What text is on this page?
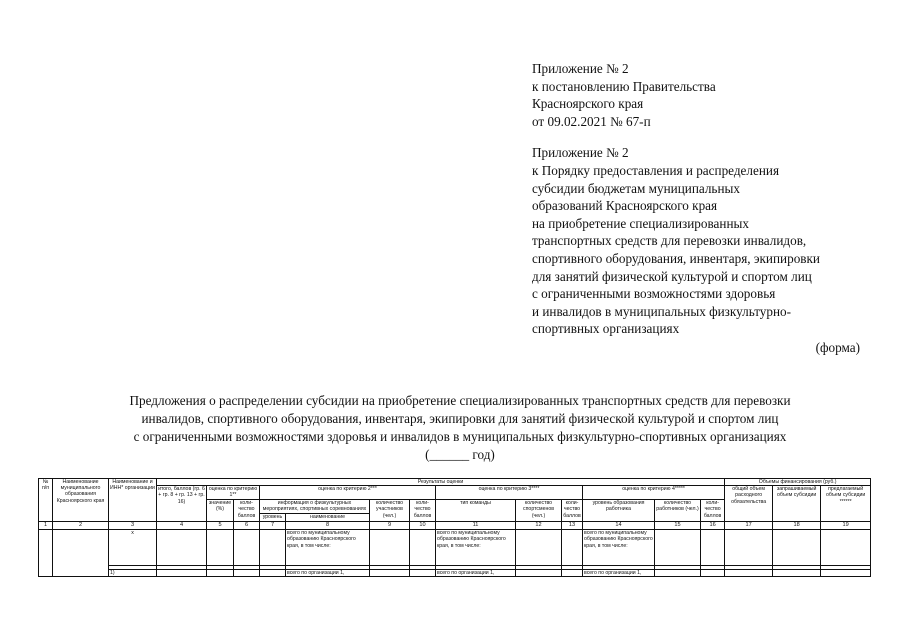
Приложение № 2
к постановлению Правительства
Красноярского края
от 09.02.2021 № 67-п
Приложение № 2
к Порядку предоставления и распределения
субсидии бюджетам муниципальных
образований Красноярского края
на приобретение специализированных
транспортных средств для перевозки инвалидов,
спортивного оборудования, инвентаря, экипировки
для занятий физической культурой и спортом лиц
с ограниченными возможностями здоровья
и инвалидов в муниципальных физкультурно-
спортивных организациях
(форма)
Предложения о распределении субсидии на приобретение специализированных транспортных средств для перевозки
инвалидов, спортивного оборудования, инвентаря, экипировки для занятий физической культурой и спортом лиц
с ограниченными возможностями здоровья и инвалидов в муниципальных физкультурно-спортивных организациях
(______ год)
№ п/п	Наименование муниципального образования Красноярского края	Наименование и ИНН* организации	Результаты оценки													Объемы финансирования (руб.)		
			итого, баллов (гр. 6 + гр. 8 + гр. 13 + гр. 16)	оценка по критерию 1**		оценка по критерию 2***				оценка по критерию 3****			оценка по критерию 4*****			общий объем расходного обязательства	запрашиваемый объем субсидии	предлагаемый объем субсидии ******
				значение (%)	коли-чество баллов	информация о физкультурных мероприятиях, спортивных соревнованиях		количество участников (чел.)	коли-чество баллов	тип команды	количество спортсменов (чел.)	коли-чество баллов	уровень образования работника	количество работников (чел.)	коли-чество баллов			
						уровень	наименование											
1	2	3	4	5	6	7	8	9	10	11	12	13	14	15	16	17	18	19
		х					всего по муниципальному образованию Красноярского края, в том числе:			всего по муниципальному образованию Красноярского края, в том числе:			всего по муниципальному образованию Красноярского края, в том числе:					

		1)					всего по организации 1,			всего по организации 1,			всего по организации 1,					
